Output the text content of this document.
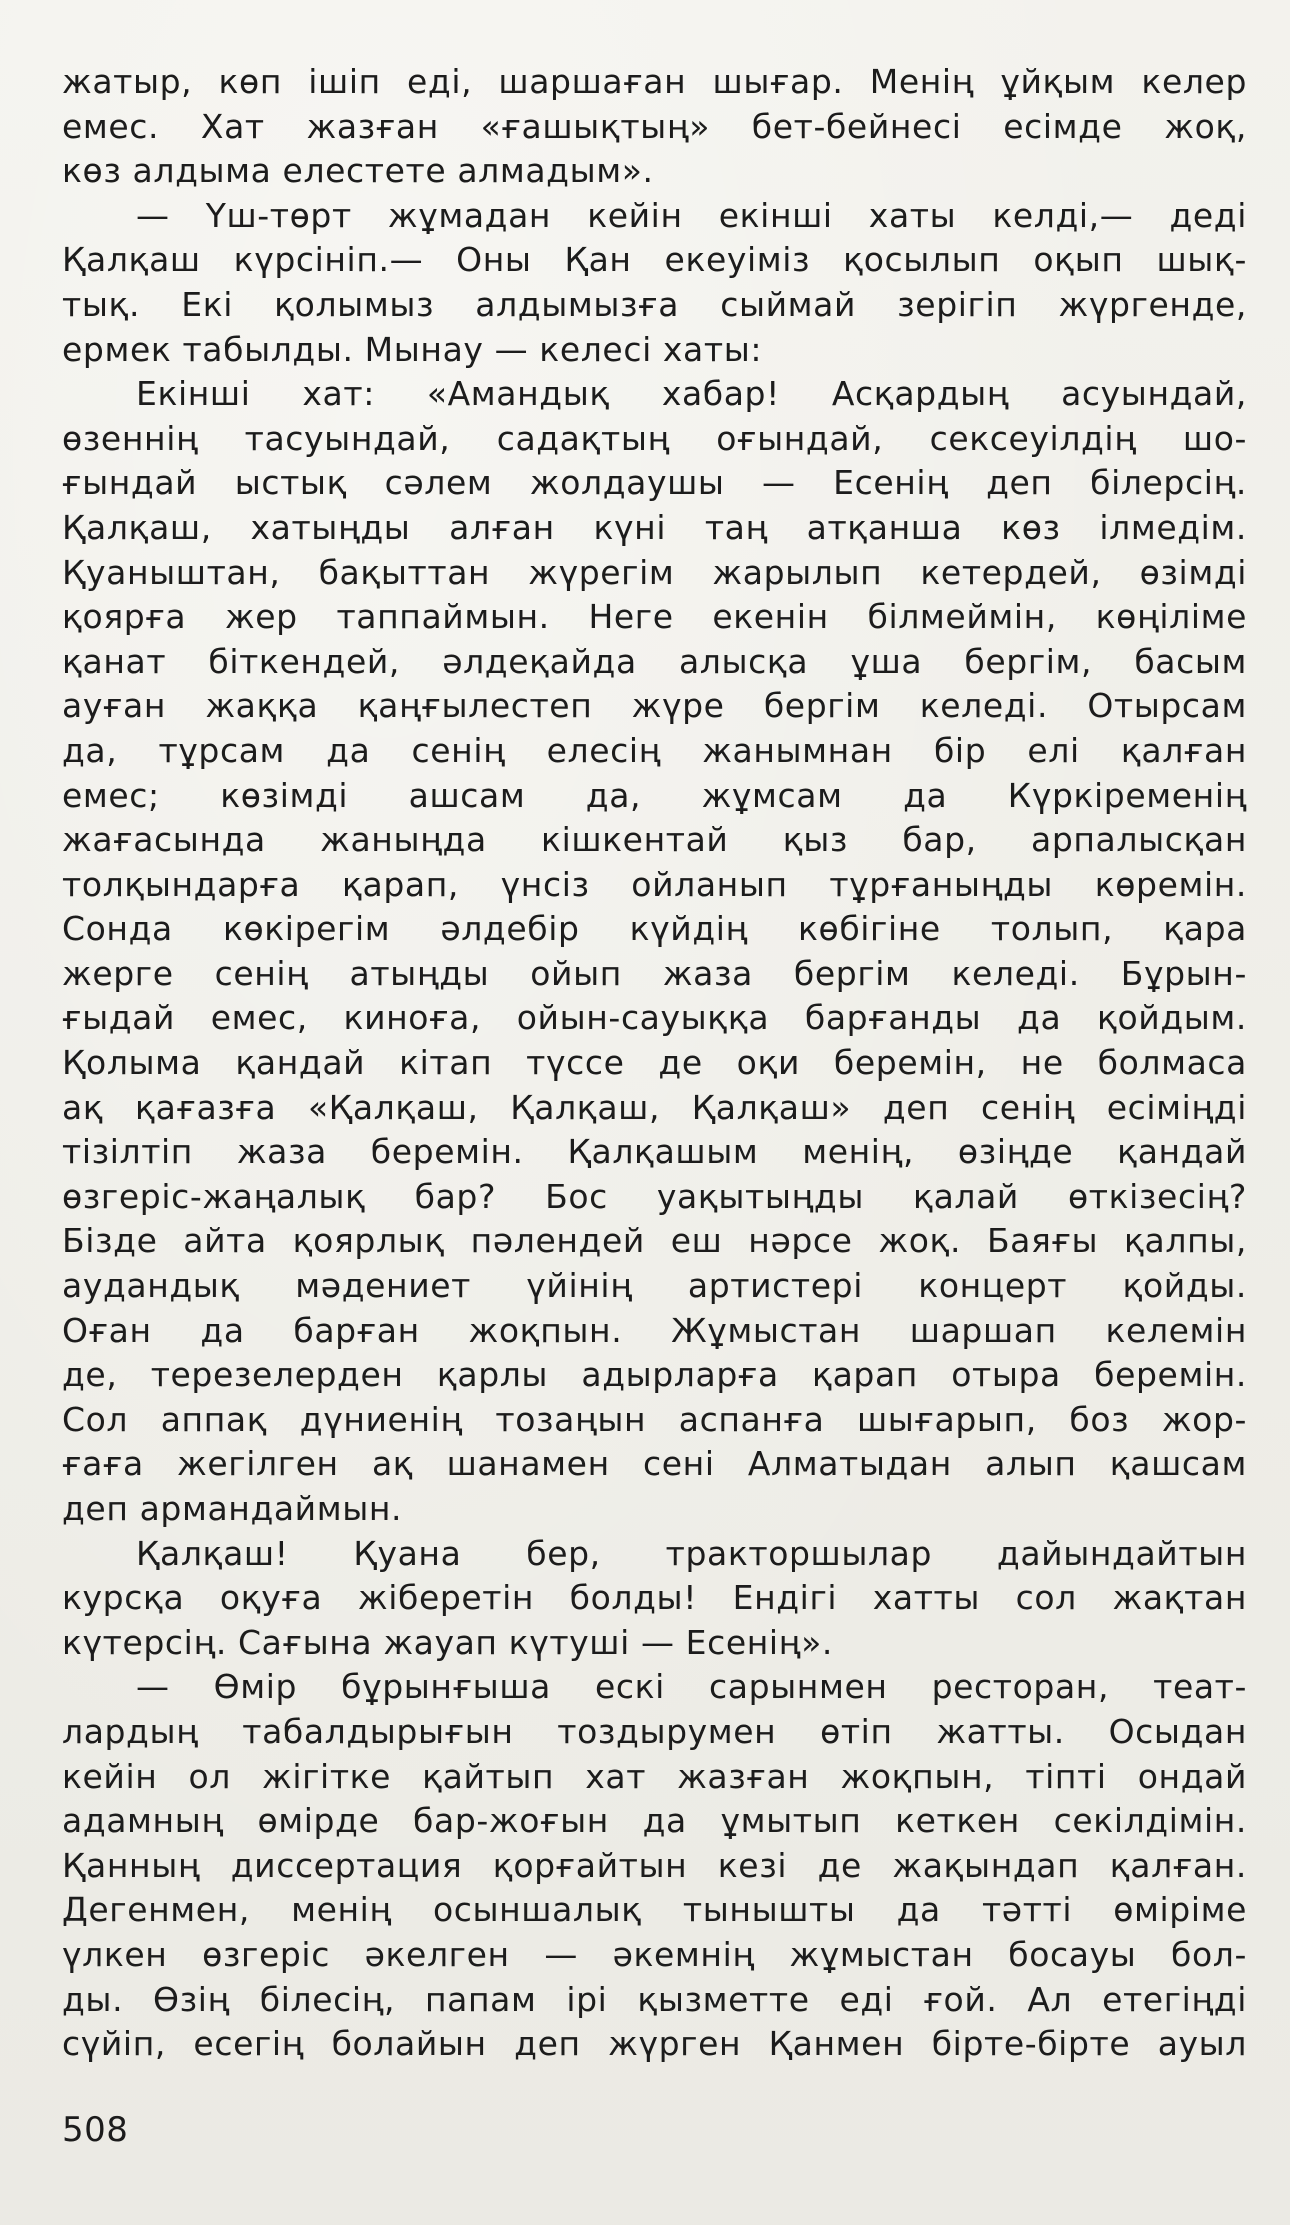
жатыр, көп ішіп еді, шаршаған шығар. Менің ұйқым келер
емес. Хат жазған «ғашықтың» бет-бейнесі есімде жоқ,
көз алдыма елестете алмадым».
— Үш-төрт жұмадан кейін екінші хаты келді,— деді
Қалқаш күрсініп.— Оны Қан екеуіміз қосылып оқып шық-
тық. Екі қолымыз алдымызға сыймай зерігіп жүргенде,
ермек табылды. Мынау — келесі хаты:
Екінші хат: «Амандық хабар! Асқардың асуындай,
өзеннің тасуындай, садақтың оғындай, сексеуілдің шо-
ғындай ыстық сәлем жолдаушы — Есенің деп білерсің.
Қалқаш, хатыңды алған күні таң атқанша көз ілмедім.
Қуаныштан, бақыттан жүрегім жарылып кетердей, өзімді
қоярға жер таппаймын. Неге екенін білмеймін, көңіліме
қанат біткендей, әлдеқайда алысқа ұша бергім, басым
ауған жаққа қаңғылестеп жүре бергім келеді. Отырсам
да, тұрсам да сенің елесің жанымнан бір елі қалған
емес; көзімді ашсам да, жұмсам да Күркіременің
жағасында жаныңда кішкентай қыз бар, арпалысқан
толқындарға қарап, үнсіз ойланып тұрғаныңды көремін.
Сонда көкірегім әлдебір күйдің көбігіне толып, қара
жерге сенің атыңды ойып жаза бергім келеді. Бұрын-
ғыдай емес, киноға, ойын-сауыққа барғанды да қойдым.
Қолыма қандай кітап түссе де оқи беремін, не болмаса
ақ қағазға «Қалқаш, Қалқаш, Қалқаш» деп сенің есіміңді
тізілтіп жаза беремін. Қалқашым менің, өзіңде қандай
өзгеріс-жаңалық бар? Бос уақытыңды қалай өткізесің?
Бізде айта қоярлық пәлендей еш нәрсе жоқ. Баяғы қалпы,
аудандық мәдениет үйінің артистері концерт қойды.
Оған да барған жоқпын. Жұмыстан шаршап келемін
де, терезелерден қарлы адырларға қарап отыра беремін.
Сол аппақ дүниенің тозаңын аспанға шығарып, боз жор-
ғаға жегілген ақ шанамен сені Алматыдан алып қашсам
деп армандаймын.
Қалқаш! Қуана бер, тракторшылар дайындайтын
курсқа оқуға жіберетін болды! Ендігі хатты сол жақтан
күтерсің. Сағына жауап күтуші — Есенің».
— Өмір бұрынғыша ескі сарынмен ресторан, теат-
лардың табалдырығын тоздырумен өтіп жатты. Осыдан
кейін ол жігітке қайтып хат жазған жоқпын, тіпті ондай
адамның өмірде бар-жоғын да ұмытып кеткен секілдімін.
Қанның диссертация қорғайтын кезі де жақындап қалған.
Дегенмен, менің осыншалық тынышты да тәтті өміріме
үлкен өзгеріс әкелген — әкемнің жұмыстан босауы бол-
ды. Өзің білесің, папам ірі қызметте еді ғой. Ал етегіңді
сүйіп, есегің болайын деп жүрген Қанмен бірте-бірте ауыл
508
